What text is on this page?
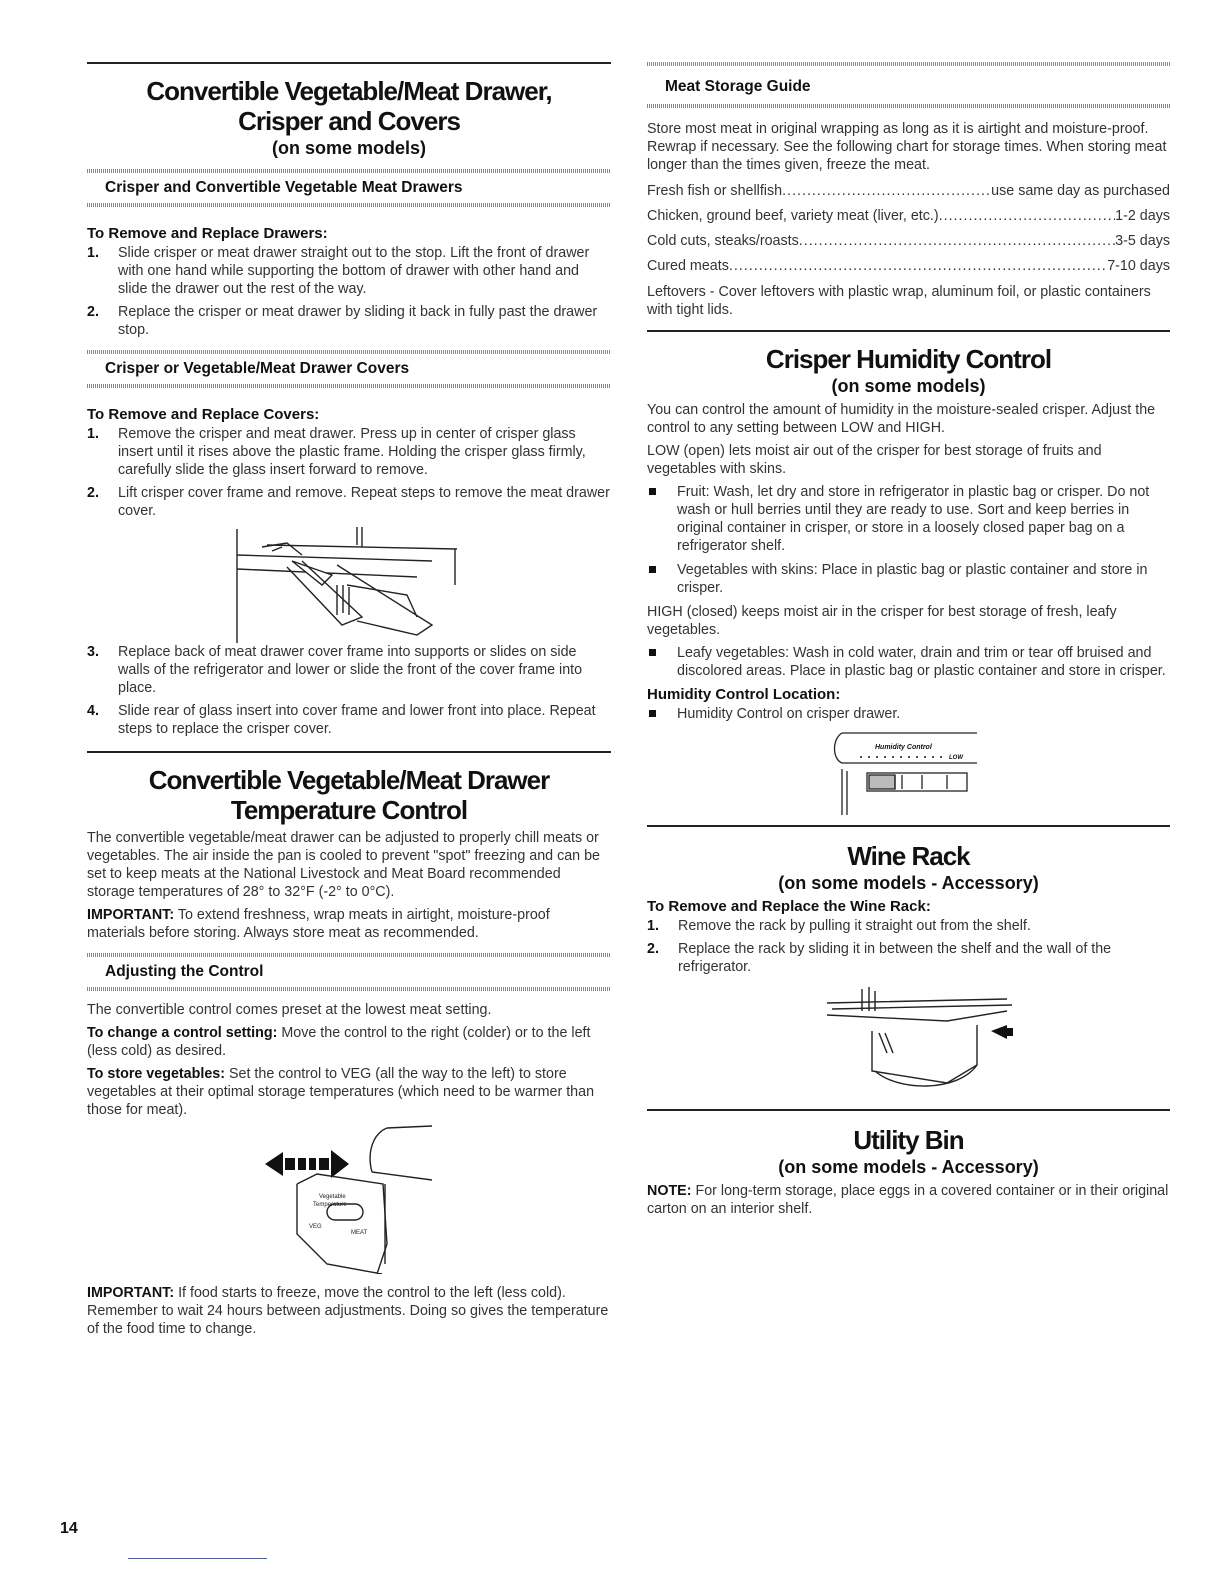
Convertible Vegetable/Meat Drawer,
Crisper and Covers
(on some models)
Crisper and Convertible Vegetable Meat Drawers
To Remove and Replace Drawers:
1. Slide crisper or meat drawer straight out to the stop. Lift the front of drawer with one hand while supporting the bottom of drawer with other hand and slide the drawer out the rest of the way.
2. Replace the crisper or meat drawer by sliding it back in fully past the drawer stop.
Crisper or Vegetable/Meat Drawer Covers
To Remove and Replace Covers:
1. Remove the crisper and meat drawer. Press up in center of crisper glass insert until it rises above the plastic frame. Holding the crisper glass firmly, carefully slide the glass insert forward to remove.
2. Lift crisper cover frame and remove. Repeat steps to remove the meat drawer cover.
3. Replace back of meat drawer cover frame into supports or slides on side walls of the refrigerator and lower or slide the front of the cover frame into place.
4. Slide rear of glass insert into cover frame and lower front into place. Repeat steps to replace the crisper cover.
Convertible Vegetable/Meat Drawer
Temperature Control

The convertible vegetable/meat drawer can be adjusted to properly chill meats or vegetables. The air inside the pan is cooled to prevent "spot" freezing and can be set to keep meats at the National Livestock and Meat Board recommended storage temperatures of 28° to 32°F (-2° to 0°C).

IMPORTANT: To extend freshness, wrap meats in airtight, moisture-proof materials before storing. Always store meat as recommended.

Adjusting the Control

The convertible control comes preset at the lowest meat setting.

To change a control setting: Move the control to the right (colder) or to the left (less cold) as desired.

To store vegetables: Set the control to VEG (all the way to the left) to store vegetables at their optimal storage temperatures (which need to be warmer than those for meat).

Vegetable
Temperature
VEG
MEAT

IMPORTANT: If food starts to freeze, move the control to the left (less cold). Remember to wait 24 hours between adjustments. Doing so gives the temperature of the food time to change.

Meat Storage Guide

Store most meat in original wrapping as long as it is airtight and moisture-proof. Rewrap if necessary. See the following chart for storage times. When storing meat longer than the times given, freeze the meat.

Fresh fish or shellfish .....	use same day as purchased
Chicken, ground beef, variety meat (liver, etc.) .....	1-2 days
Cold cuts, steaks/roasts .....	3-5 days
Cured meats .....	7-10 days

Leftovers - Cover leftovers with plastic wrap, aluminum foil, or plastic containers with tight lids.

Crisper Humidity Control
(on some models)

You can control the amount of humidity in the moisture-sealed crisper. Adjust the control to any setting between LOW and HIGH.

LOW (open) lets moist air out of the crisper for best storage of fruits and vegetables with skins.

Fruit: Wash, let dry and store in refrigerator in plastic bag or crisper. Do not wash or hull berries until they are ready to use. Sort and keep berries in original container in crisper, or store in a loosely closed paper bag on a refrigerator shelf.
Vegetables with skins: Place in plastic bag or plastic container and store in crisper.

HIGH (closed) keeps moist air in the crisper for best storage of fresh, leafy vegetables.

Leafy vegetables: Wash in cold water, drain and trim or tear off bruised and discolored areas. Place in plastic bag or plastic container and store in crisper.
Humidity Control Location:
Humidity Control on crisper drawer.
Humidity Control
LOW
Wine Rack
(on some models - Accessory)
To Remove and Replace the Wine Rack:
1. Remove the rack by pulling it straight out from the shelf.
2. Replace the rack by sliding it in between the shelf and the wall of the refrigerator.
Utility Bin
(on some models - Accessory)

NOTE: For long-term storage, place eggs in a covered container or in their original carton on an interior shelf.

14
